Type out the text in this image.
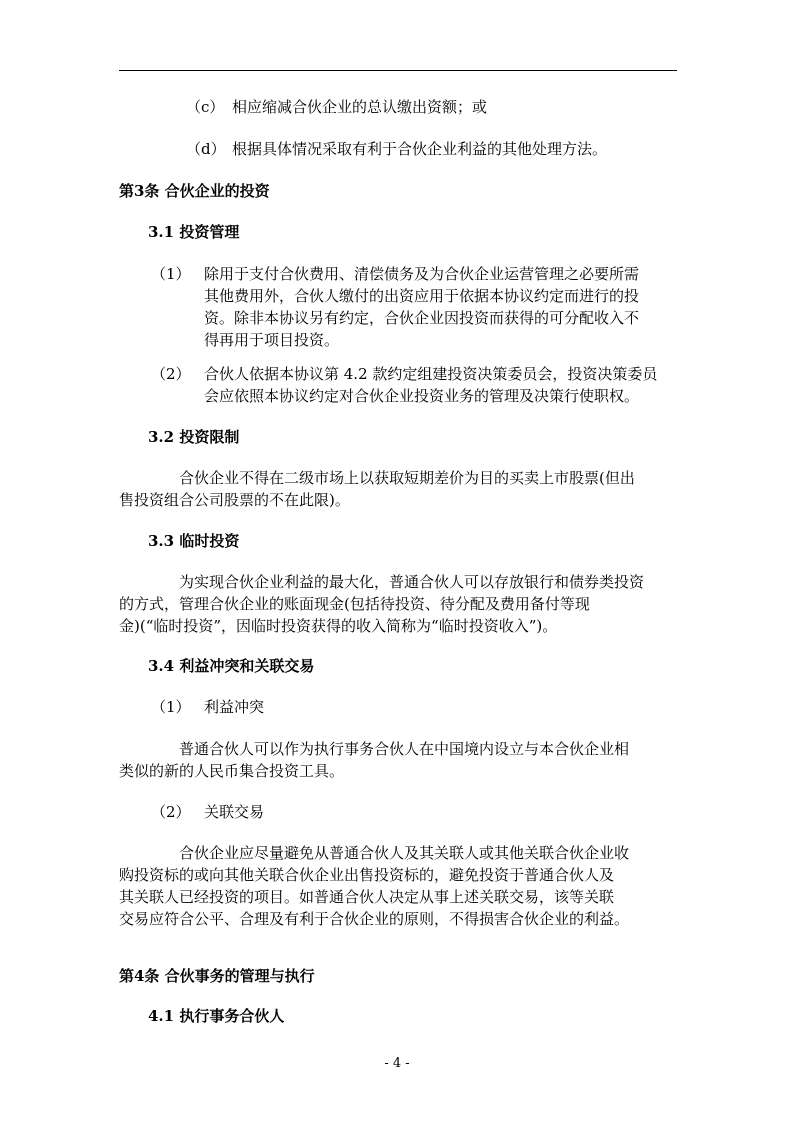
（c） 相应缩减合伙企业的总认缴出资额；或
（d） 根据具体情况采取有利于合伙企业利益的其他处理方法。
第3条 合伙企业的投资
3.1 投资管理
（1） 除用于支付合伙费用、清偿债务及为合伙企业运营管理之必要所需
其他费用外，合伙人缴付的出资应用于依据本协议约定而进行的投
资。除非本协议另有约定，合伙企业因投资而获得的可分配收入不
得再用于项目投资。
（2） 合伙人依据本协议第 4.2 款约定组建投资决策委员会，投资决策委员
会应依照本协议约定对合伙企业投资业务的管理及决策行使职权。
3.2 投资限制
合伙企业不得在二级市场上以获取短期差价为目的买卖上市股票(但出
售投资组合公司股票的不在此限)。
3.3 临时投资
为实现合伙企业利益的最大化，普通合伙人可以存放银行和债券类投资
的方式，管理合伙企业的账面现金(包括待投资、待分配及费用备付等现
金)(“临时投资”，因临时投资获得的收入简称为“临时投资收入”)。
3.4 利益冲突和关联交易
（1） 利益冲突
普通合伙人可以作为执行事务合伙人在中国境内设立与本合伙企业相
类似的新的人民币集合投资工具。
（2） 关联交易
合伙企业应尽量避免从普通合伙人及其关联人或其他关联合伙企业收
购投资标的或向其他关联合伙企业出售投资标的，避免投资于普通合伙人及
其关联人已经投资的项目。如普通合伙人决定从事上述关联交易，该等关联
交易应符合公平、合理及有利于合伙企业的原则，不得损害合伙企业的利益。
第4条 合伙事务的管理与执行
4.1 执行事务合伙人
- 4 -
